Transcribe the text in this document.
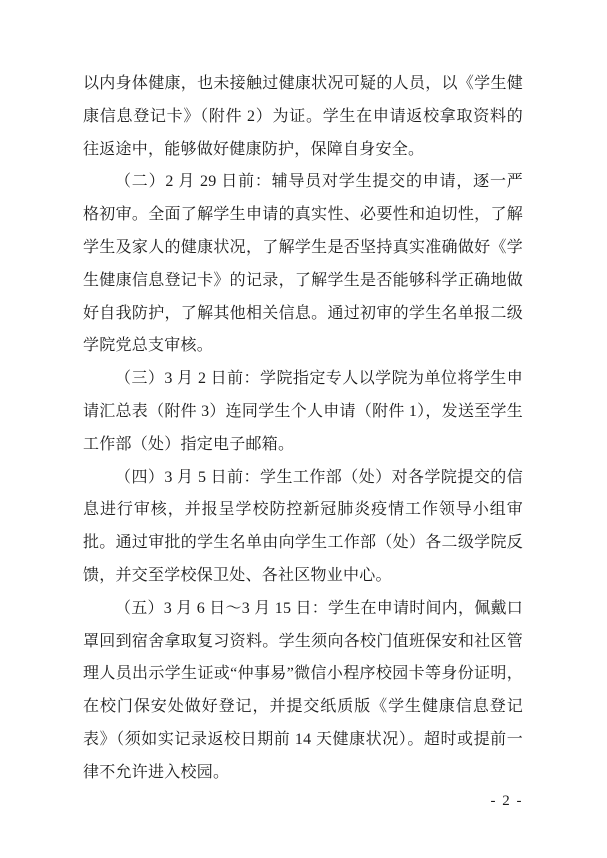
以内身体健康，也未接触过健康状况可疑的人员，以《学生健康信息登记卡》（附件 2）为证。学生在申请返校拿取资料的往返途中，能够做好健康防护，保障自身安全。

（二）2 月 29 日前：辅导员对学生提交的申请，逐一严格初审。全面了解学生申请的真实性、必要性和迫切性，了解学生及家人的健康状况，了解学生是否坚持真实准确做好《学生健康信息登记卡》的记录，了解学生是否能够科学正确地做好自我防护，了解其他相关信息。通过初审的学生名单报二级学院党总支审核。

（三）3 月 2 日前：学院指定专人以学院为单位将学生申请汇总表（附件 3）连同学生个人申请（附件 1），发送至学生工作部（处）指定电子邮箱。

（四）3 月 5 日前：学生工作部（处）对各学院提交的信息进行审核，并报呈学校防控新冠肺炎疫情工作领导小组审批。通过审批的学生名单由向学生工作部（处）各二级学院反馈，并交至学校保卫处、各社区物业中心。

（五）3 月 6 日～3 月 15 日：学生在申请时间内，佩戴口罩回到宿舍拿取复习资料。学生须向各校门值班保安和社区管理人员出示学生证或“仲事易”微信小程序校园卡等身份证明，在校门保安处做好登记，并提交纸质版《学生健康信息登记表》（须如实记录返校日期前 14 天健康状况）。超时或提前一律不允许进入校园。

- 2 -
